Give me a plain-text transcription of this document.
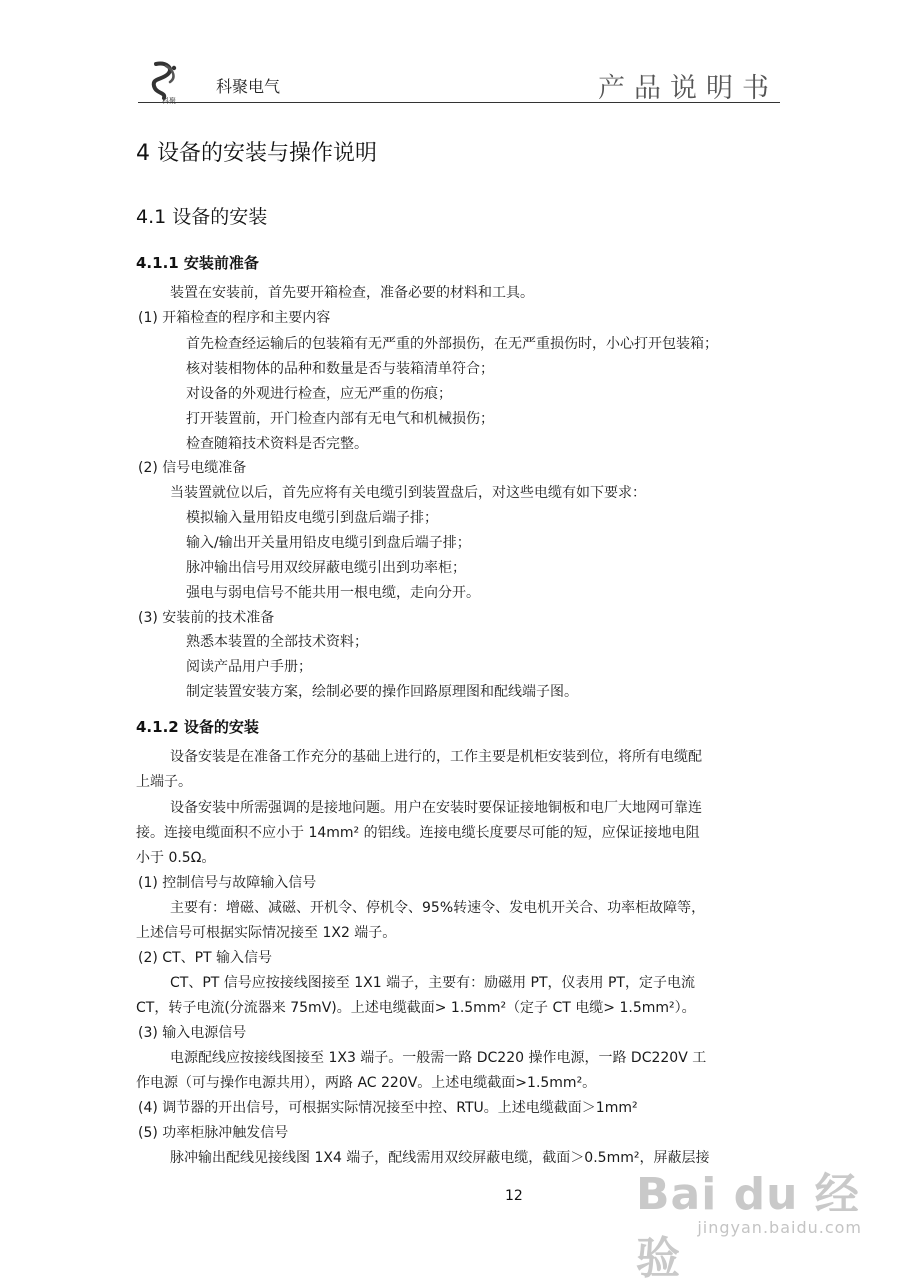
科聚
科聚电气	产品说明书
4 设备的安装与操作说明
4.1 设备的安装
4.1.1 安装前准备
装置在安装前，首先要开箱检查，准备必要的材料和工具。
(1) 开箱检查的程序和主要内容
首先检查经运输后的包装箱有无严重的外部损伤，在无严重损伤时，小心打开包装箱；
核对装相物体的品种和数量是否与装箱清单符合；
对设备的外观进行检查，应无严重的伤痕；
打开装置前，开门检查内部有无电气和机械损伤；
检查随箱技术资料是否完整。
(2) 信号电缆准备
当装置就位以后，首先应将有关电缆引到装置盘后，对这些电缆有如下要求：
模拟输入量用铅皮电缆引到盘后端子排；
输入/输出开关量用铅皮电缆引到盘后端子排；
脉冲输出信号用双绞屏蔽电缆引出到功率柜；
强电与弱电信号不能共用一根电缆，走向分开。
(3) 安装前的技术准备
熟悉本装置的全部技术资料；
阅读产品用户手册；
制定装置安装方案，绘制必要的操作回路原理图和配线端子图。
4.1.2 设备的安装
设备安装是在准备工作充分的基础上进行的，工作主要是机柜安装到位，将所有电缆配
上端子。
设备安装中所需强调的是接地问题。用户在安装时要保证接地铜板和电厂大地网可靠连
接。连接电缆面积不应小于 14mm² 的铝线。连接电缆长度要尽可能的短，应保证接地电阻
小于 0.5Ω。
(1) 控制信号与故障输入信号
主要有：增磁、减磁、开机令、停机令、95%转速令、发电机开关合、功率柜故障等，
上述信号可根据实际情况接至 1X2 端子。
(2) CT、PT 输入信号
CT、PT 信号应按接线图接至 1X1 端子，主要有：励磁用 PT，仪表用 PT，定子电流
CT，转子电流(分流器来 75mV)。上述电缆截面> 1.5mm²（定子 CT 电缆> 1.5mm²）。
(3) 输入电源信号
电源配线应按接线图接至 1X3 端子。一般需一路 DC220 操作电源，一路 DC220V 工
作电源（可与操作电源共用），两路 AC 220V。上述电缆截面>1.5mm²。
(4) 调节器的开出信号，可根据实际情况接至中控、RTU。上述电缆截面＞1mm²
(5) 功率柜脉冲触发信号
脉冲输出配线见接线图 1X4 端子，配线需用双绞屏蔽电缆，截面＞0.5mm²，屏蔽层接
12	Bai du 经验
jingyan.baidu.com
